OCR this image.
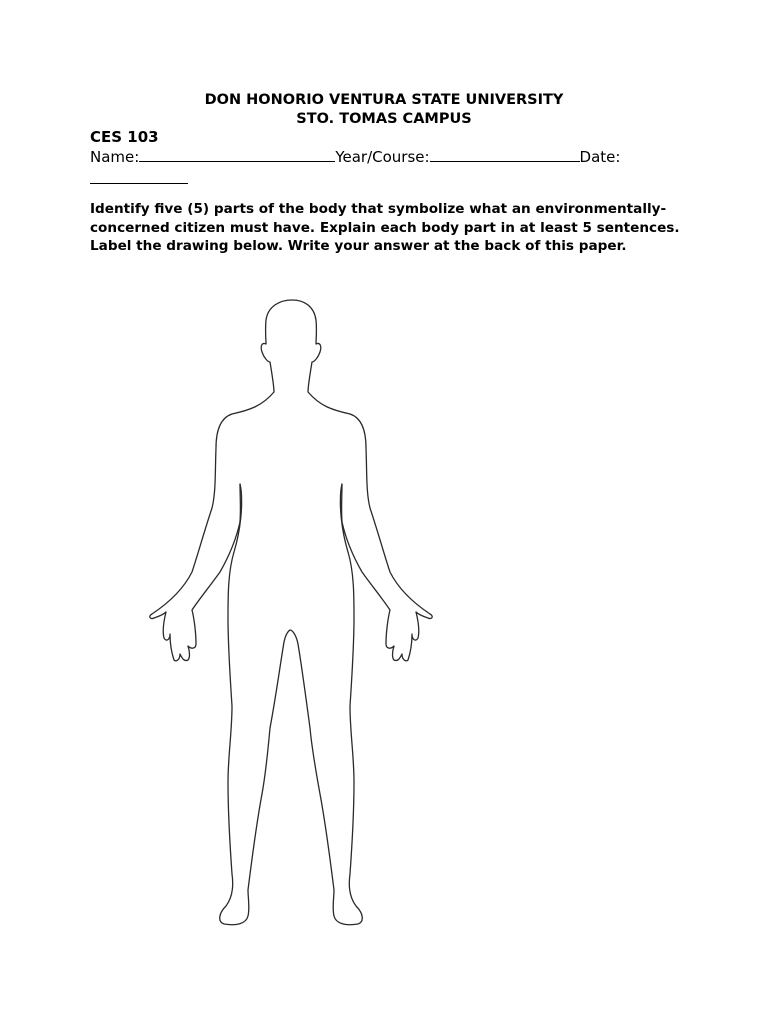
DON HONORIO VENTURA STATE UNIVERSITY
STO. TOMAS CAMPUS
CES 103
Name:	Year/Course:	Date:
Identify five (5) parts of the body that symbolize what an environmentally-concerned citizen must have. Explain each body part in at least 5 sentences. Label the drawing below. Write your answer at the back of this paper.
